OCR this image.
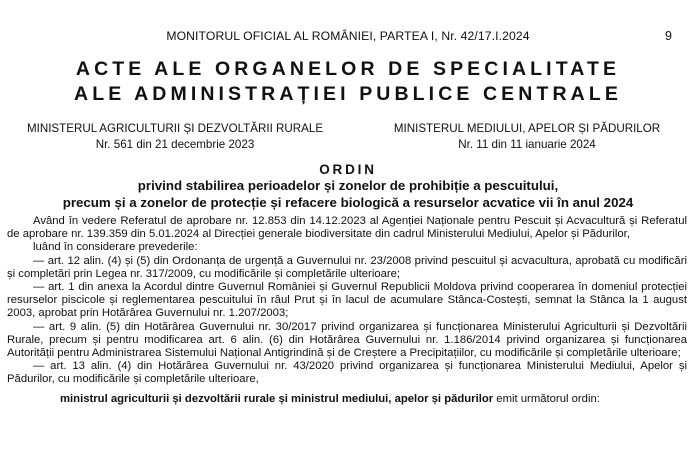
MONITORUL OFICIAL AL ROMÂNIEI, PARTEA I, Nr. 42/17.I.2024	9
ACTE ALE ORGANELOR DE SPECIALITATE
ALE ADMINISTRAȚIEI PUBLICE CENTRALE
MINISTERUL AGRICULTURII ȘI DEZVOLTĂRII RURALE
Nr. 561 din 21 decembrie 2023
MINISTERUL MEDIULUI, APELOR ȘI PĂDURILOR
Nr. 11 din 11 ianuarie 2024
ORDIN
privind stabilirea perioadelor și zonelor de prohibiție a pescuitului,
precum și a zonelor de protecție și refacere biologică a resurselor acvatice vii în anul 2024

Având în vedere Referatul de aprobare nr. 12.853 din 14.12.2023 al Agenției Naționale pentru Pescuit și Acvacultură și Referatul de aprobare nr. 139.359 din 5.01.2024 al Direcției generale biodiversitate din cadrul Ministerului Mediului, Apelor și Pădurilor,

luând în considerare prevederile:

— art. 12 alin. (4) și (5) din Ordonanța de urgență a Guvernului nr. 23/2008 privind pescuitul și acvacultura, aprobată cu modificări și completări prin Legea nr. 317/2009, cu modificările și completările ulterioare;

— art. 1 din anexa la Acordul dintre Guvernul României și Guvernul Republicii Moldova privind cooperarea în domeniul protecției resurselor piscicole și reglementarea pescuitului în râul Prut și în lacul de acumulare Stânca-Costești, semnat la Stânca la 1 august 2003, aprobat prin Hotărârea Guvernului nr. 1.207/2003;

— art. 9 alin. (5) din Hotărârea Guvernului nr. 30/2017 privind organizarea și funcționarea Ministerului Agriculturii și Dezvoltării Rurale, precum și pentru modificarea art. 6 alin. (6) din Hotărârea Guvernului nr. 1.186/2014 privind organizarea și funcționarea Autorității pentru Administrarea Sistemului Național Antigrindină și de Creștere a Precipitațiilor, cu modificările și completările ulterioare;

— art. 13 alin. (4) din Hotărârea Guvernului nr. 43/2020 privind organizarea și funcționarea Ministerului Mediului, Apelor și Pădurilor, cu modificările și completările ulterioare,

ministrul agriculturii și dezvoltării rurale și ministrul mediului, apelor și pădurilor emit următorul ordin:
